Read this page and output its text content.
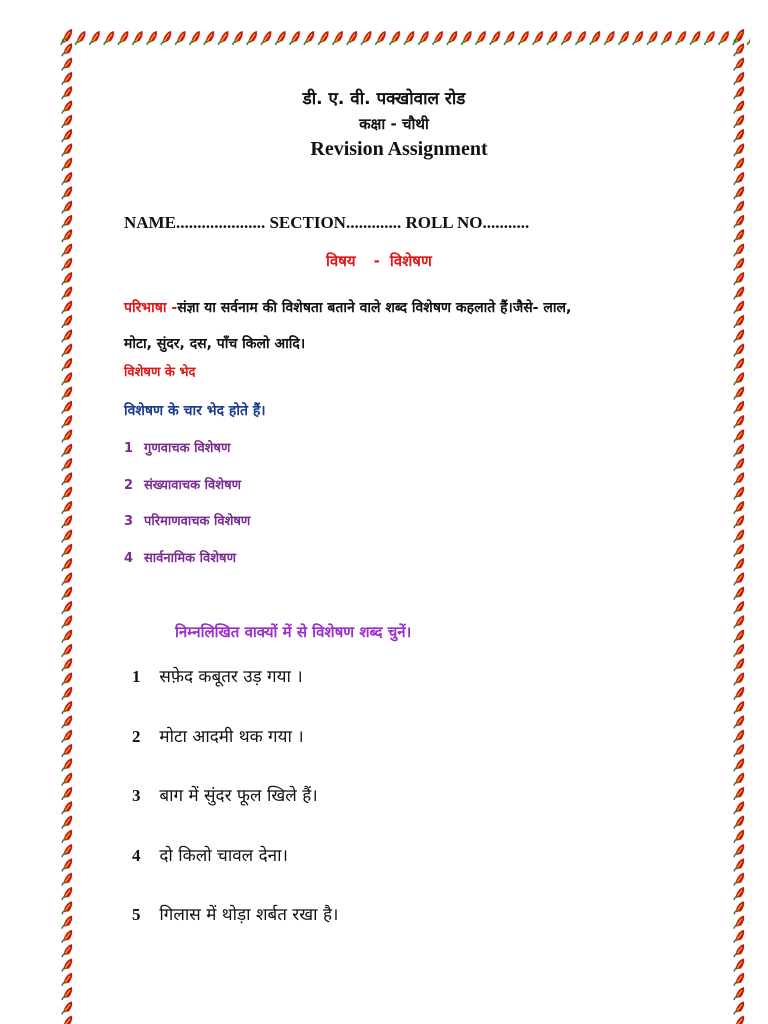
डी. ए. वी. पक्खोवाल रोड
कक्षा - चौथी
Revision Assignment
NAME..................... SECTION............. ROLL NO...........
विषय - विशेषण
परिभाषा -संज्ञा या सर्वनाम की विशेषता बताने वाले शब्द विशेषण कहलाते हैं।जैसे- लाल,
मोटा, सुंदर, दस, पाँच किलो आदि।
विशेषण के भेद
विशेषण के चार भेद होते हैं।
1 गुणवाचक विशेषण
2 संख्यावाचक विशेषण
3 परिमाणवाचक विशेषण
4 सार्वनामिक विशेषण
निम्नलिखित वाक्यों में से विशेषण शब्द चुनें।
1 सफ़ेद कबूतर उड़ गया ।
2 मोटा आदमी थक गया ।
3 बाग में सुंदर फूल खिले हैं।
4 दो किलो चावल देना।
5 गिलास में थोड़ा शर्बत रखा है।
